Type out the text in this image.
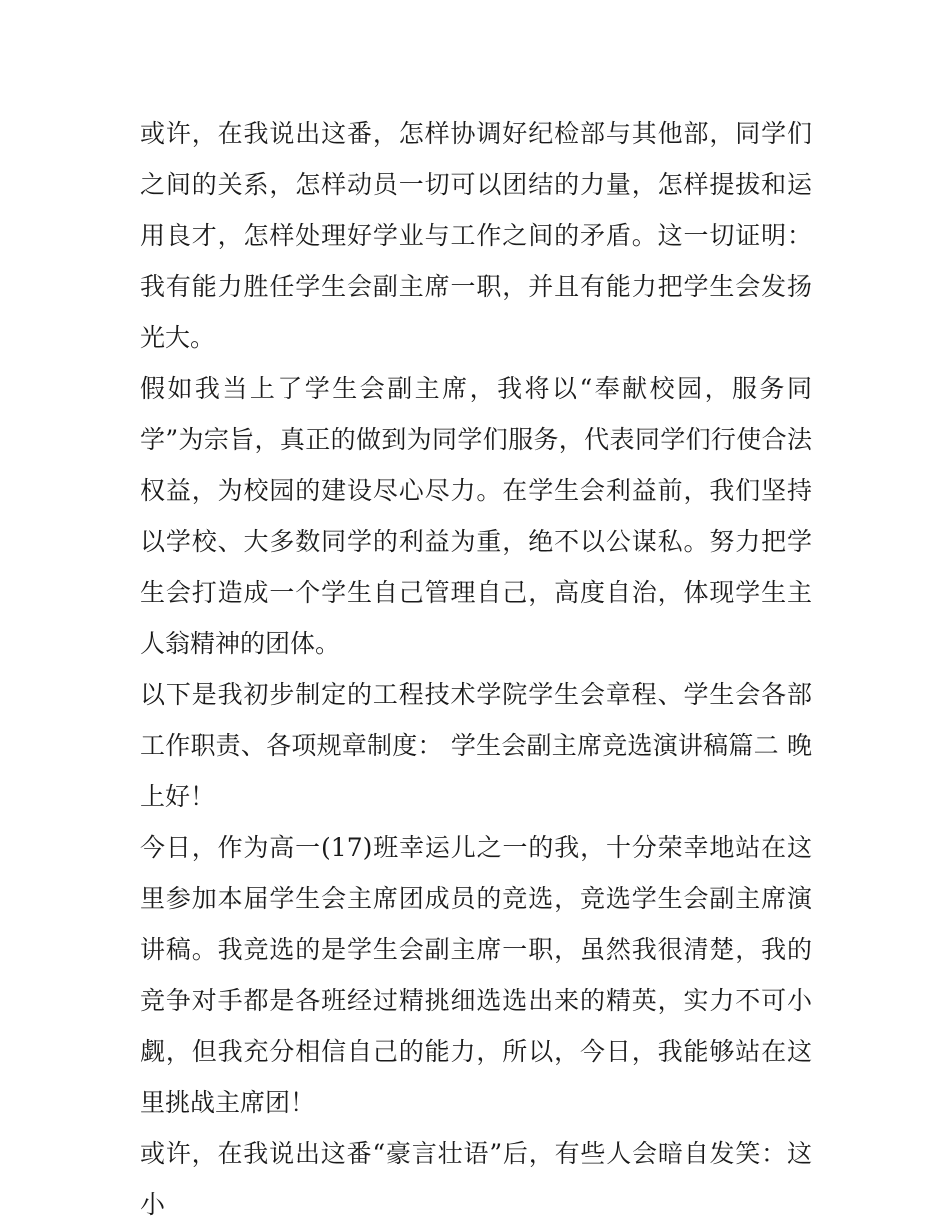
或许，在我说出这番，怎样协调好纪检部与其他部，同学们之间的关系，怎样动员一切可以团结的力量，怎样提拔和运用良才，怎样处理好学业与工作之间的矛盾。这一切证明：我有能力胜任学生会副主席一职，并且有能力把学生会发扬光大。

假如我当上了学生会副主席，我将以“奉献校园，服务同学”为宗旨，真正的做到为同学们服务，代表同学们行使合法权益，为校园的建设尽心尽力。在学生会利益前，我们坚持以学校、大多数同学的利益为重，绝不以公谋私。努力把学生会打造成一个学生自己管理自己，高度自治，体现学生主人翁精神的团体。

以下是我初步制定的工程技术学院学生会章程、学生会各部工作职责、各项规章制度： 学生会副主席竞选演讲稿篇二 晚上好！

今日，作为高一(17)班幸运儿之一的我，十分荣幸地站在这里参加本届学生会主席团成员的竞选，竞选学生会副主席演讲稿。我竞选的是学生会副主席一职，虽然我很清楚，我的竞争对手都是各班经过精挑细选选出来的精英，实力不可小觑，但我充分相信自己的能力，所以，今日，我能够站在这里挑战主席团！

或许，在我说出这番“豪言壮语”后，有些人会暗自发笑：这小
